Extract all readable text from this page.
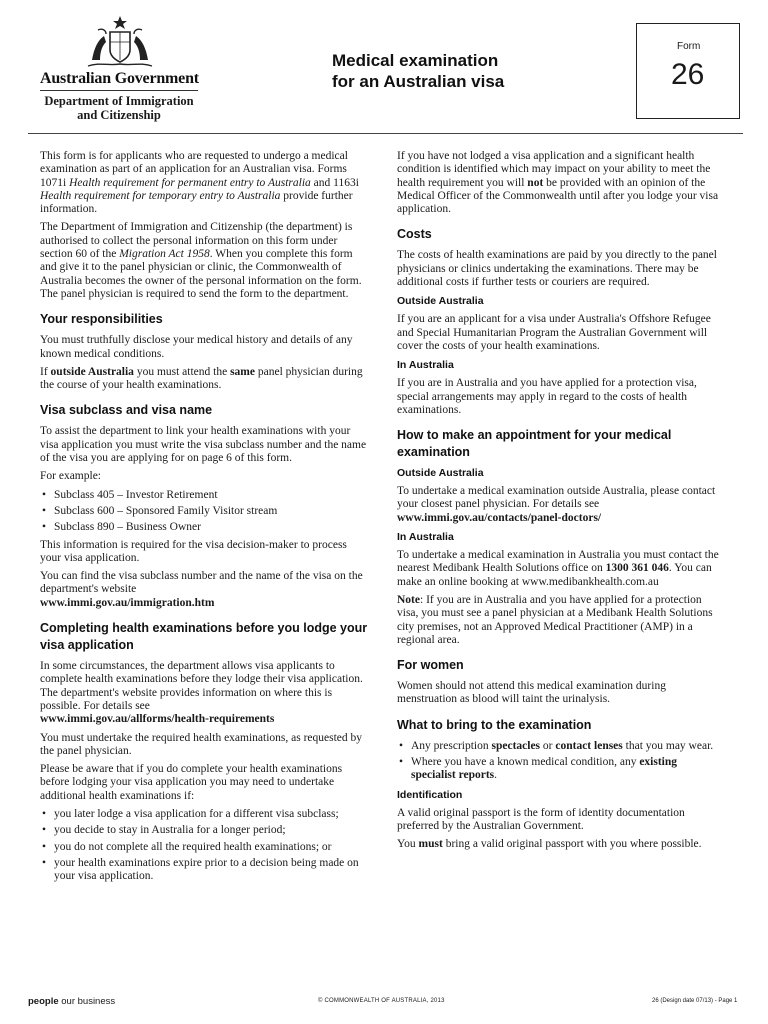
Australian Government
Department of Immigration and Citizenship
Medical examination
for an Australian visa
Form
26

This form is for applicants who are requested to undergo a medical examination as part of an application for an Australian visa. Forms 1071i Health requirement for permanent entry to Australia and 1163i Health requirement for temporary entry to Australia provide further information.

The Department of Immigration and Citizenship (the department) is authorised to collect the personal information on this form under section 60 of the Migration Act 1958. When you complete this form and give it to the panel physician or clinic, the Commonwealth of Australia becomes the owner of the personal information on the form. The panel physician is required to send the form to the department.

Your responsibilities

You must truthfully disclose your medical history and details of any known medical conditions.

If outside Australia you must attend the same panel physician during the course of your health examinations.

Visa subclass and visa name

To assist the department to link your health examinations with your visa application you must write the visa subclass number and the name of the visa you are applying for on page 6 of this form.

For example:

• Subclass 405 – Investor Retirement
• Subclass 600 – Sponsored Family Visitor stream
• Subclass 890 – Business Owner

This information is required for the visa decision-maker to process your visa application.

You can find the visa subclass number and the name of the visa on the department's website
www.immi.gov.au/immigration.htm

Completing health examinations before you lodge your visa application

In some circumstances, the department allows visa applicants to complete health examinations before they lodge their visa application. The department's website provides information on where this is possible. For details see
www.immi.gov.au/allforms/health-requirements

You must undertake the required health examinations, as requested by the panel physician.

Please be aware that if you do complete your health examinations before lodging your visa application you may need to undertake additional health examinations if:

• you later lodge a visa application for a different visa subclass;
• you decide to stay in Australia for a longer period;
• you do not complete all the required health examinations; or
• your health examinations expire prior to a decision being made on your visa application.

If you have not lodged a visa application and a significant health condition is identified which may impact on your ability to meet the health requirement you will not be provided with an opinion of the Medical Officer of the Commonwealth until after you lodge your visa application.

Costs

The costs of health examinations are paid by you directly to the panel physicians or clinics undertaking the examinations. There may be additional costs if further tests or couriers are required.

Outside Australia

If you are an applicant for a visa under Australia's Offshore Refugee and Special Humanitarian Program the Australian Government will cover the costs of your health examinations.

In Australia

If you are in Australia and you have applied for a protection visa, special arrangements may apply in regard to the costs of health examinations.

How to make an appointment for your medical examination
Outside Australia

To undertake a medical examination outside Australia, please contact your closest panel physician. For details see
www.immi.gov.au/contacts/panel-doctors/

In Australia

To undertake a medical examination in Australia you must contact the nearest Medibank Health Solutions office on 1300 361 046. You can make an online booking at www.medibankhealth.com.au

Note: If you are in Australia and you have applied for a protection visa, you must see a panel physician at a Medibank Health Solutions city premises, not an Approved Medical Practitioner (AMP) in a regional area.

For women

Women should not attend this medical examination during menstruation as blood will taint the urinalysis.

What to bring to the examination
• Any prescription spectacles or contact lenses that you may wear.
• Where you have a known medical condition, any existing specialist reports.
Identification

A valid original passport is the form of identity documentation preferred by the Australian Government.

You must bring a valid original passport with you where possible.

people our business	© COMMONWEALTH OF AUSTRALIA, 2013	26 (Design date 07/13) - Page 1
